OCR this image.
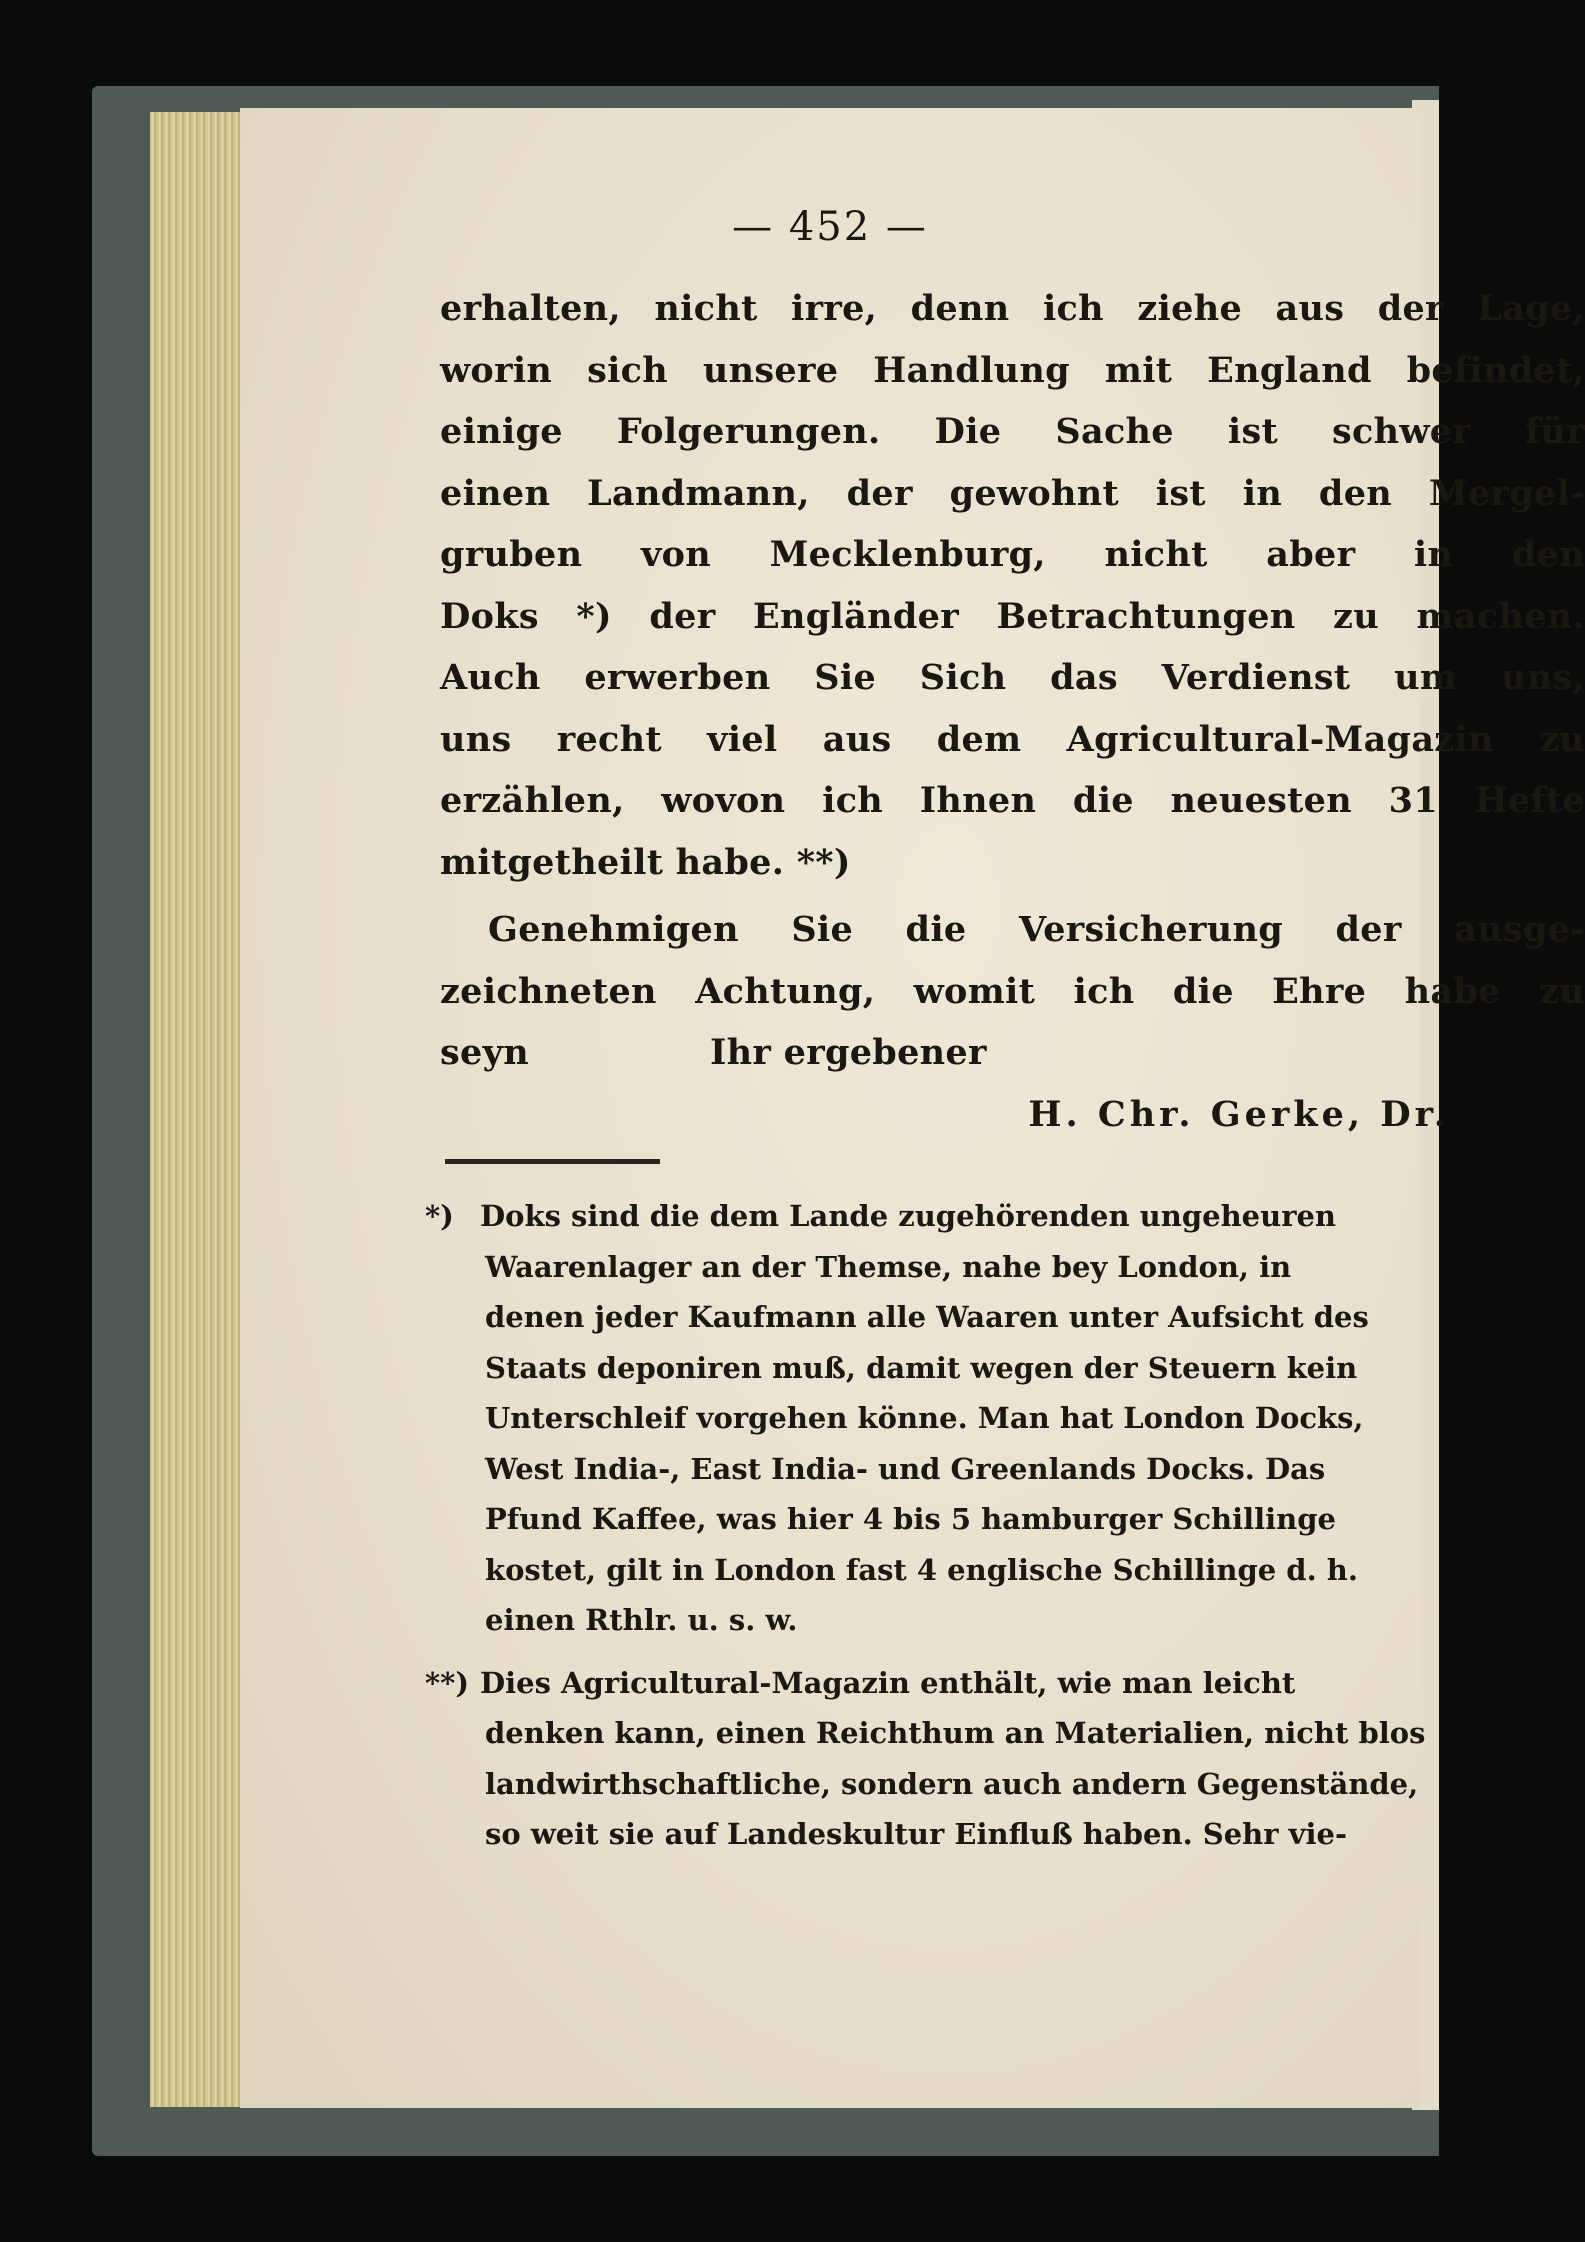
— 452 —
erhalten, nicht irre, denn ich ziehe aus der Lage,
worin sich unsere Handlung mit England befindet,
einige Folgerungen. Die Sache ist schwer für
einen Landmann, der gewohnt ist in den Mergel-
gruben von Mecklenburg, nicht aber in den
Doks *) der Engländer Betrachtungen zu machen.
Auch erwerben Sie Sich das Verdienst um uns,
uns recht viel aus dem Agricultural-Magazin zu
erzählen, wovon ich Ihnen die neuesten 31 Hefte
mitgetheilt habe. **)
Genehmigen Sie die Versicherung der ausge-
zeichneten Achtung, womit ich die Ehre habe zu
seyn	Ihr ergebener
H. Chr. Gerke, Dr.
*) Doks sind die dem Lande zugehörenden ungeheuren
Waarenlager an der Themse, nahe bey London, in
denen jeder Kaufmann alle Waaren unter Aufsicht des
Staats deponiren muß, damit wegen der Steuern kein
Unterschleif vorgehen könne. Man hat London Docks,
West India-, East India- und Greenlands Docks. Das
Pfund Kaffee, was hier 4 bis 5 hamburger Schillinge
kostet, gilt in London fast 4 englische Schillinge d. h.
einen Rthlr. u. s. w.
**) Dies Agricultural-Magazin enthält, wie man leicht
denken kann, einen Reichthum an Materialien, nicht blos
landwirthschaftliche, sondern auch andern Gegenstände,
so weit sie auf Landeskultur Einfluß haben. Sehr vie-
